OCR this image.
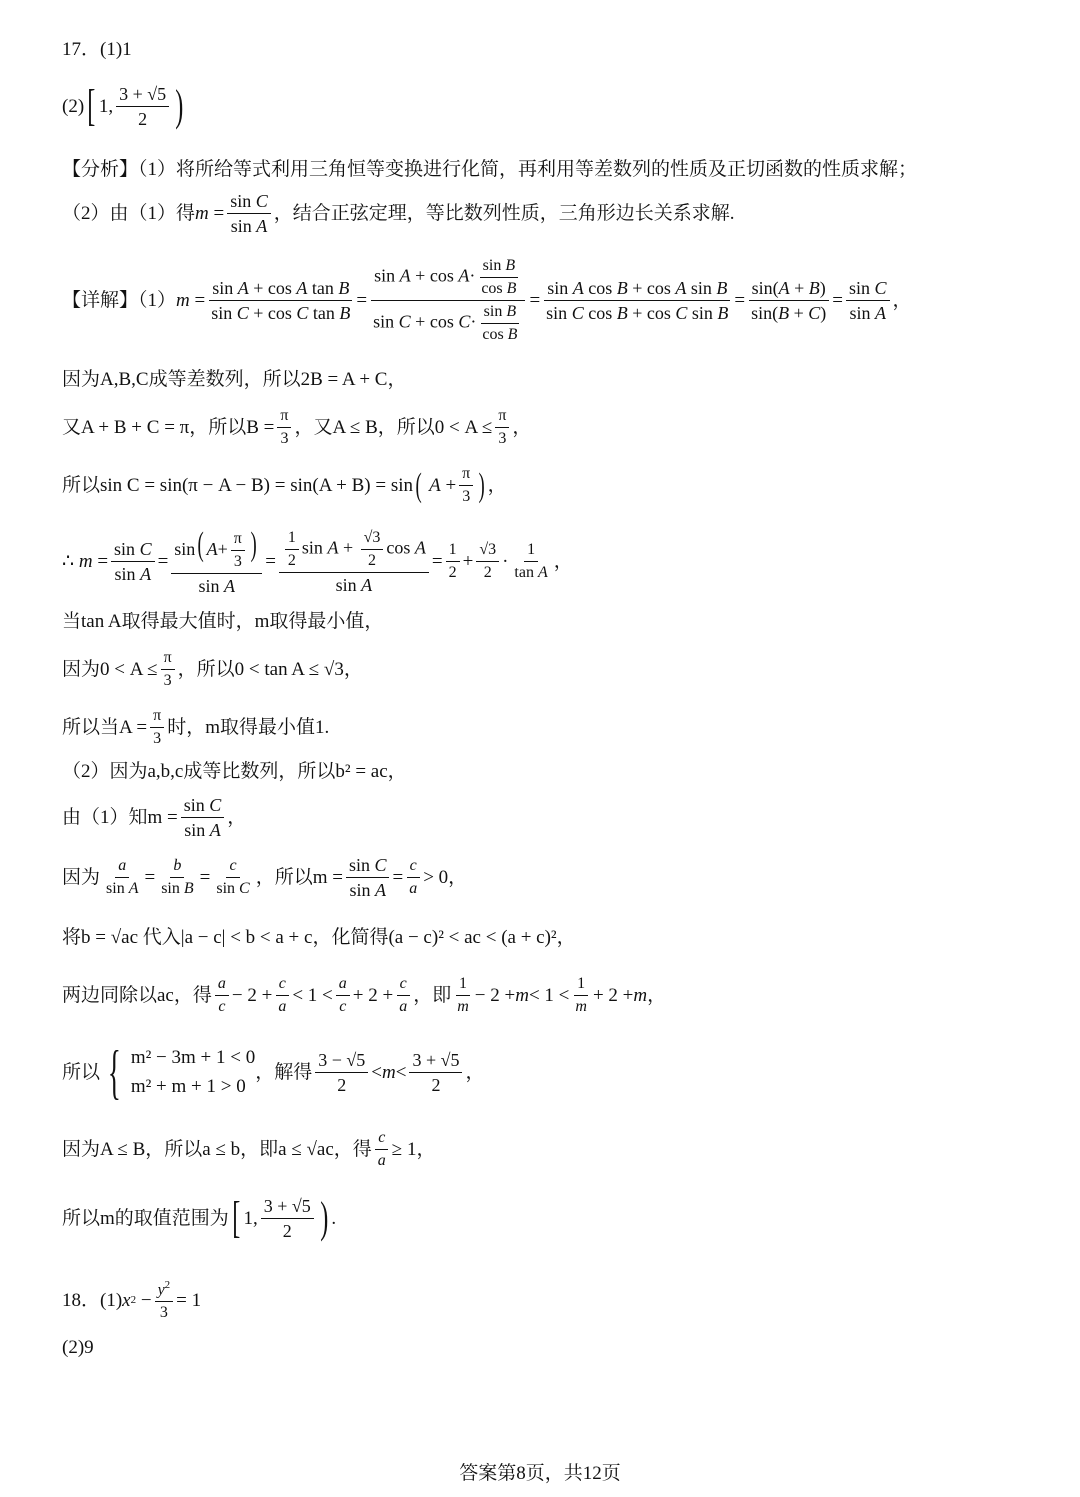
17．(1)1
(2) [ 1, $\frac{3 + √5}{2}$ )
【分析】（1）将所给等式利用三角恒等变换进行化简，再利用等差数列的性质及正切函数的性质求解；
（2）由（1）得 $m = \frac{\text{sin C}}{\text{sin A}}$ ，结合正弦定理，等比数列性质，三角形边长关系求解.
【详解】（1） $m = \frac{\text{sin A + cos A tan B}}{\text{sin C + cos C tan B}} = \frac{\sin A + \cos A\cdot \frac{\text{sin B}}{\text{cos B}}}{\sin C + \cos C\cdot \frac{\text{sin B}}{\text{cos B}}} = \frac{\text{sin A cos B + cos A sin B}}{\text{sin C cos B + cos C sin B}} = \frac{\sin(A + B)}{\sin(B + C)} = \frac{\text{sin C}}{\text{sin A}}$ ，
因为A,B,C成等差数列，所以2B = A + C，
又A + B + C = π，所以$B = \frac{\pi}{3}$ ，又A ≤ B，所以$0 < A \le \frac{\pi}{3}$ ，
所以sin C = sin(π − A − B) = sin(A + B) = sin (
$A + \frac{\pi}{3}$ ) ，
∴ $m = \frac{\text{sin C}}{\text{sin A}} = \frac{\sin( A+ \frac{\pi}{3} )}{\text{sin A}} = \frac{\frac{1}{2} \sin A + \frac{√3}{2} \cos A}{\text{sin A}} = \frac{1}{2} + \frac{√3}{2} \cdot \frac{1}{\text{tan A}}$ ，
当tan A取得最大值时，m取得最小值，
因为$0 < A \le \frac{\pi}{3}$ ，所以0 < tan A ≤ √3，
所以当$A = \frac{\pi}{3}$ 时，m取得最小值1.
（2）因为a,b,c成等比数列，所以b² = ac，
由（1）知$m = \frac{\text{sin C}}{\text{sin A}}$ ，
因为 $\frac{a}{\text{sin A}} = \frac{b}{\text{sin B}} = \frac{c}{\text{sin C}}$ ，所以$m = \frac{\text{sin C}}{\text{sin A}} = \frac{c}{a} > 0$，
将b = √ac 代入|a − c| < b < a + c，化简得(a − c)² < ac < (a + c)²，
两边同除以ac，得 $\frac{a}{c} - 2 + \frac{c}{a} < 1 < \frac{a}{c} + 2 + \frac{c}{a}$ ， 即 $\frac{1}{m} - 2 + m < 1 < \frac{1}{m} + 2 + m$ ，
所以 { m² − 3m + 1 < 0
m² + m + 1 > 0
，解得 $\frac{3 - √5}{2} < m < \frac{3 + √5}{2}$ ，
因为A ≤ B，所以a ≤ b，即a ≤ √ac，得 $\frac{c}{a} \ge 1$，
所以m的取值范围为 [ 1, $\frac{3 + √5}{2}$ ) .
18．(1) x $2 - \frac{y^2}{3} = 1$
(2)9
答案第8页，共12页
